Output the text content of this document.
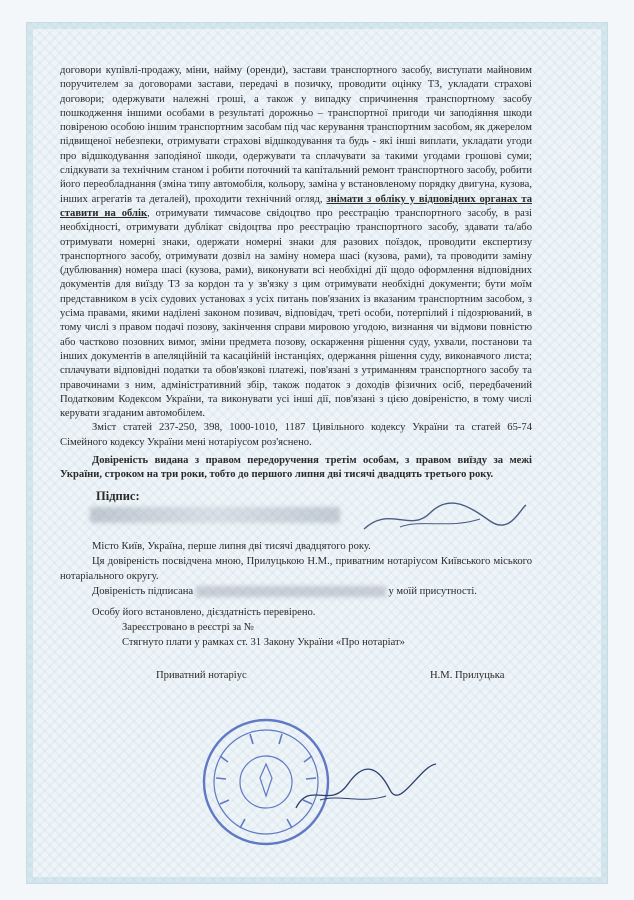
договори купівлі-продажу, міни, найму (оренди), застави транспортного засобу, виступати майновим поручителем за договорами застави, передачі в позичку, проводити оцінку ТЗ, укладати страхові договори; одержувати належні гроші, а також у випадку спричинення транспортному засобу пошкодження іншими особами в результаті дорожньо – транспортної пригоди чи заподіяння шкоди повіреною особою іншим транспортним засобам під час керування транспортним засобом, як джерелом підвищеної небезпеки, отримувати страхові відшкодування та будь - які інші виплати, укладати угоди про відшкодування заподіяної шкоди, одержувати та сплачувати за такими угодами грошові суми; слідкувати за технічним станом і робити поточний та капітальний ремонт транспортного засобу, робити його переобладнання (зміна типу автомобіля, кольору, заміна у встановленому порядку двигуна, кузова, інших агрегатів та деталей), проходити технічний огляд, знімати з обліку у відповідних органах та ставити на облік, отримувати тимчасове свідоцтво про реєстрацію транспортного засобу, в разі необхідності, отримувати дублікат свідоцтва про реєстрацію транспортного засобу, здавати та/або отримувати номерні знаки, одержати номерні знаки для разових поїздок, проводити експертизу транспортного засобу, отримувати дозвіл на заміну номера шасі (кузова, рами), та проводити заміну (дублювання) номера шасі (кузова, рами), виконувати всі необхідні дії щодо оформлення відповідних документів для виїзду ТЗ за кордон та у зв'язку з цим отримувати необхідні документи; бути моїм представником в усіх судових установах з усіх питань пов'язаних із вказаним транспортним засобом, з усіма правами, якими наділені законом позивач, відповідач, треті особи, потерпілий і підозрюваний, в тому числі з правом подачі позову, закінчення справи мировою угодою, визнання чи відмови повністю або частково позовних вимог, зміни предмета позову, оскарження рішення суду, ухвали, постанови та інших документів в апеляційній та касаційній інстанціях, одержання рішення суду, виконавчого листа; сплачувати відповідні податки та обов'язкові платежі, пов'язані з утриманням транспортного засобу та правочинами з ним, адміністративний збір, також податок з доходів фізичних осіб, передбачений Податковим Кодексом України, та виконувати усі інші дії, пов'язані з цією довіреністю, в тому числі керувати згаданим автомобілем.

Зміст статей 237-250, 398, 1000-1010, 1187 Цивільного кодексу України та статей 65-74 Сімейного кодексу України мені нотаріусом роз'яснено.

Довіреність видана з правом передоручення третім особам, з правом виїзду за межі України, строком на три роки, тобто до першого липня дві тисячі двадцять третього року.

Підпис:

Місто Київ, Україна, перше липня дві тисячі двадцятого року.

Ця довіреність посвідчена мною, Прилуцькою Н.М., приватним нотаріусом Київського міського нотаріального округу.

Довіреність підписана	у моїй присутності.

Особу його встановлено, дієздатність перевірено.

Зареєстровано в реєстрі за №

Стягнуто плати у рамках ст. 31 Закону України «Про нотаріат»

Приватний нотаріус	Н.М. Прилуцька
